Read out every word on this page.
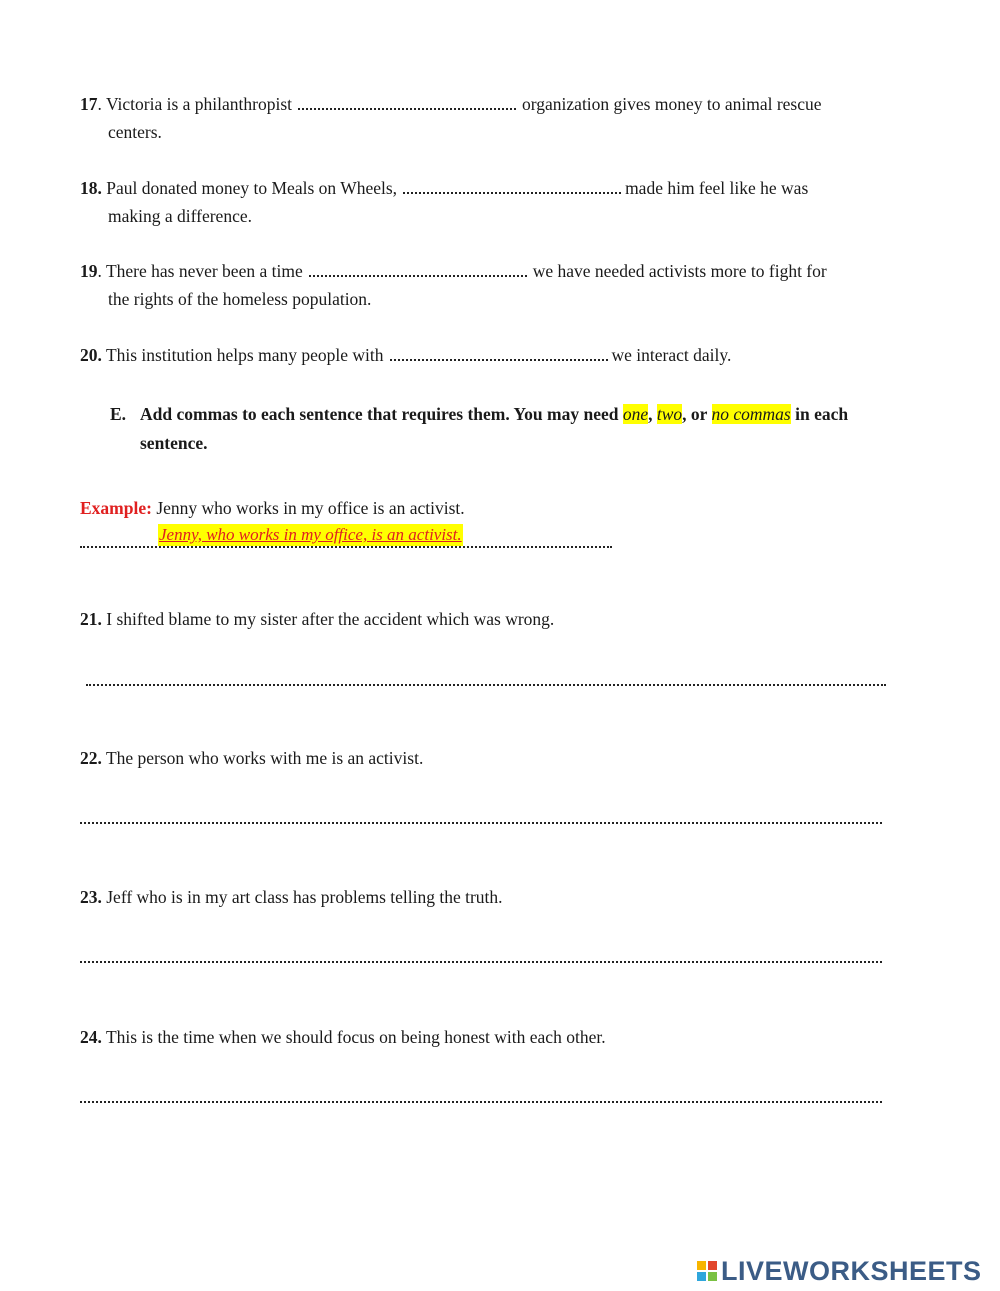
17. Victoria is a philanthropist	organization gives money to animal rescue
centers.
18. Paul donated money to Meals on Wheels,	made him feel like he was
making a difference.
19. There has never been a time	we have needed activists more to fight for
the rights of the homeless population.
20. This institution helps many people with	we interact daily.
E. Add commas to each sentence that requires them. You may need one, two, or no commas in each
sentence.
Example: Jenny who works in my office is an activist.
Jenny, who works in my office, is an activist.
21. I shifted blame to my sister after the accident which was wrong.
22. The person who works with me is an activist.
23. Jeff who is in my art class has problems telling the truth.
24. This is the time when we should focus on being honest with each other.
LIVEWORKSHEETS
